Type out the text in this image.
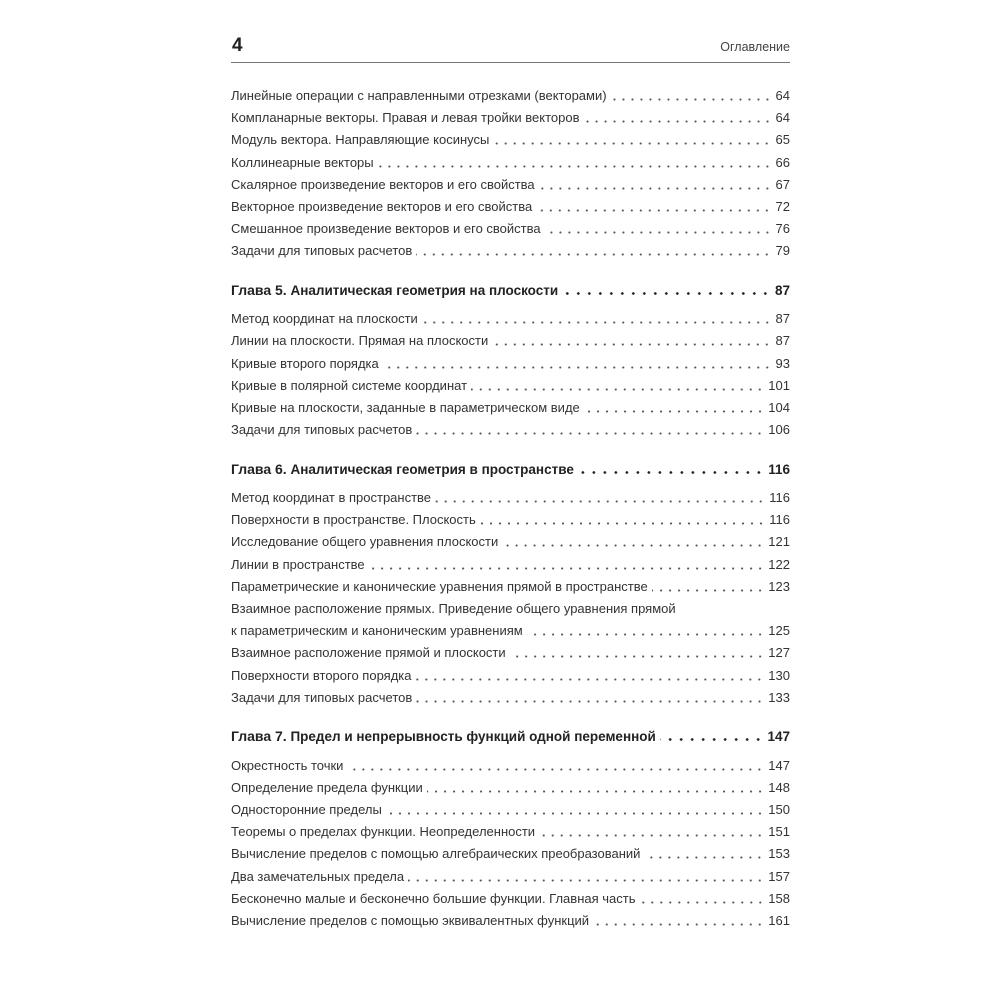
4	Оглавление
Линейные операции с направленными отрезками (векторами)	64
Компланарные векторы. Правая и левая тройки векторов	64
Модуль вектора. Направляющие косинусы	65
Коллинеарные векторы	66
Скалярное произведение векторов и его свойства	67
Векторное произведение векторов и его свойства	72
Смешанное произведение векторов и его свойства	76
Задачи для типовых расчетов	79
Глава 5. Аналитическая геометрия на плоскости	87
Метод координат на плоскости	87
Линии на плоскости. Прямая на плоскости	87
Кривые второго порядка	93
Кривые в полярной системе координат	101
Кривые на плоскости, заданные в параметрическом виде	104
Задачи для типовых расчетов	106
Глава 6. Аналитическая геометрия в пространстве	116
Метод координат в пространстве	116
Поверхности в пространстве. Плоскость	116
Исследование общего уравнения плоскости	121
Линии в пространстве	122
Параметрические и канонические уравнения прямой в пространстве	123
Взаимное расположение прямых. Приведение общего уравнения прямой
к параметрическим и каноническим уравнениям	125
Взаимное расположение прямой и плоскости	127
Поверхности второго порядка	130
Задачи для типовых расчетов	133
Глава 7. Предел и непрерывность функций одной переменной	147
Окрестность точки	147
Определение предела функции	148
Односторонние пределы	150
Теоремы о пределах функции. Неопределенности	151
Вычисление пределов с помощью алгебраических преобразований	153
Два замечательных предела	157
Бесконечно малые и бесконечно большие функции. Главная часть	158
Вычисление пределов с помощью эквивалентных функций	161
